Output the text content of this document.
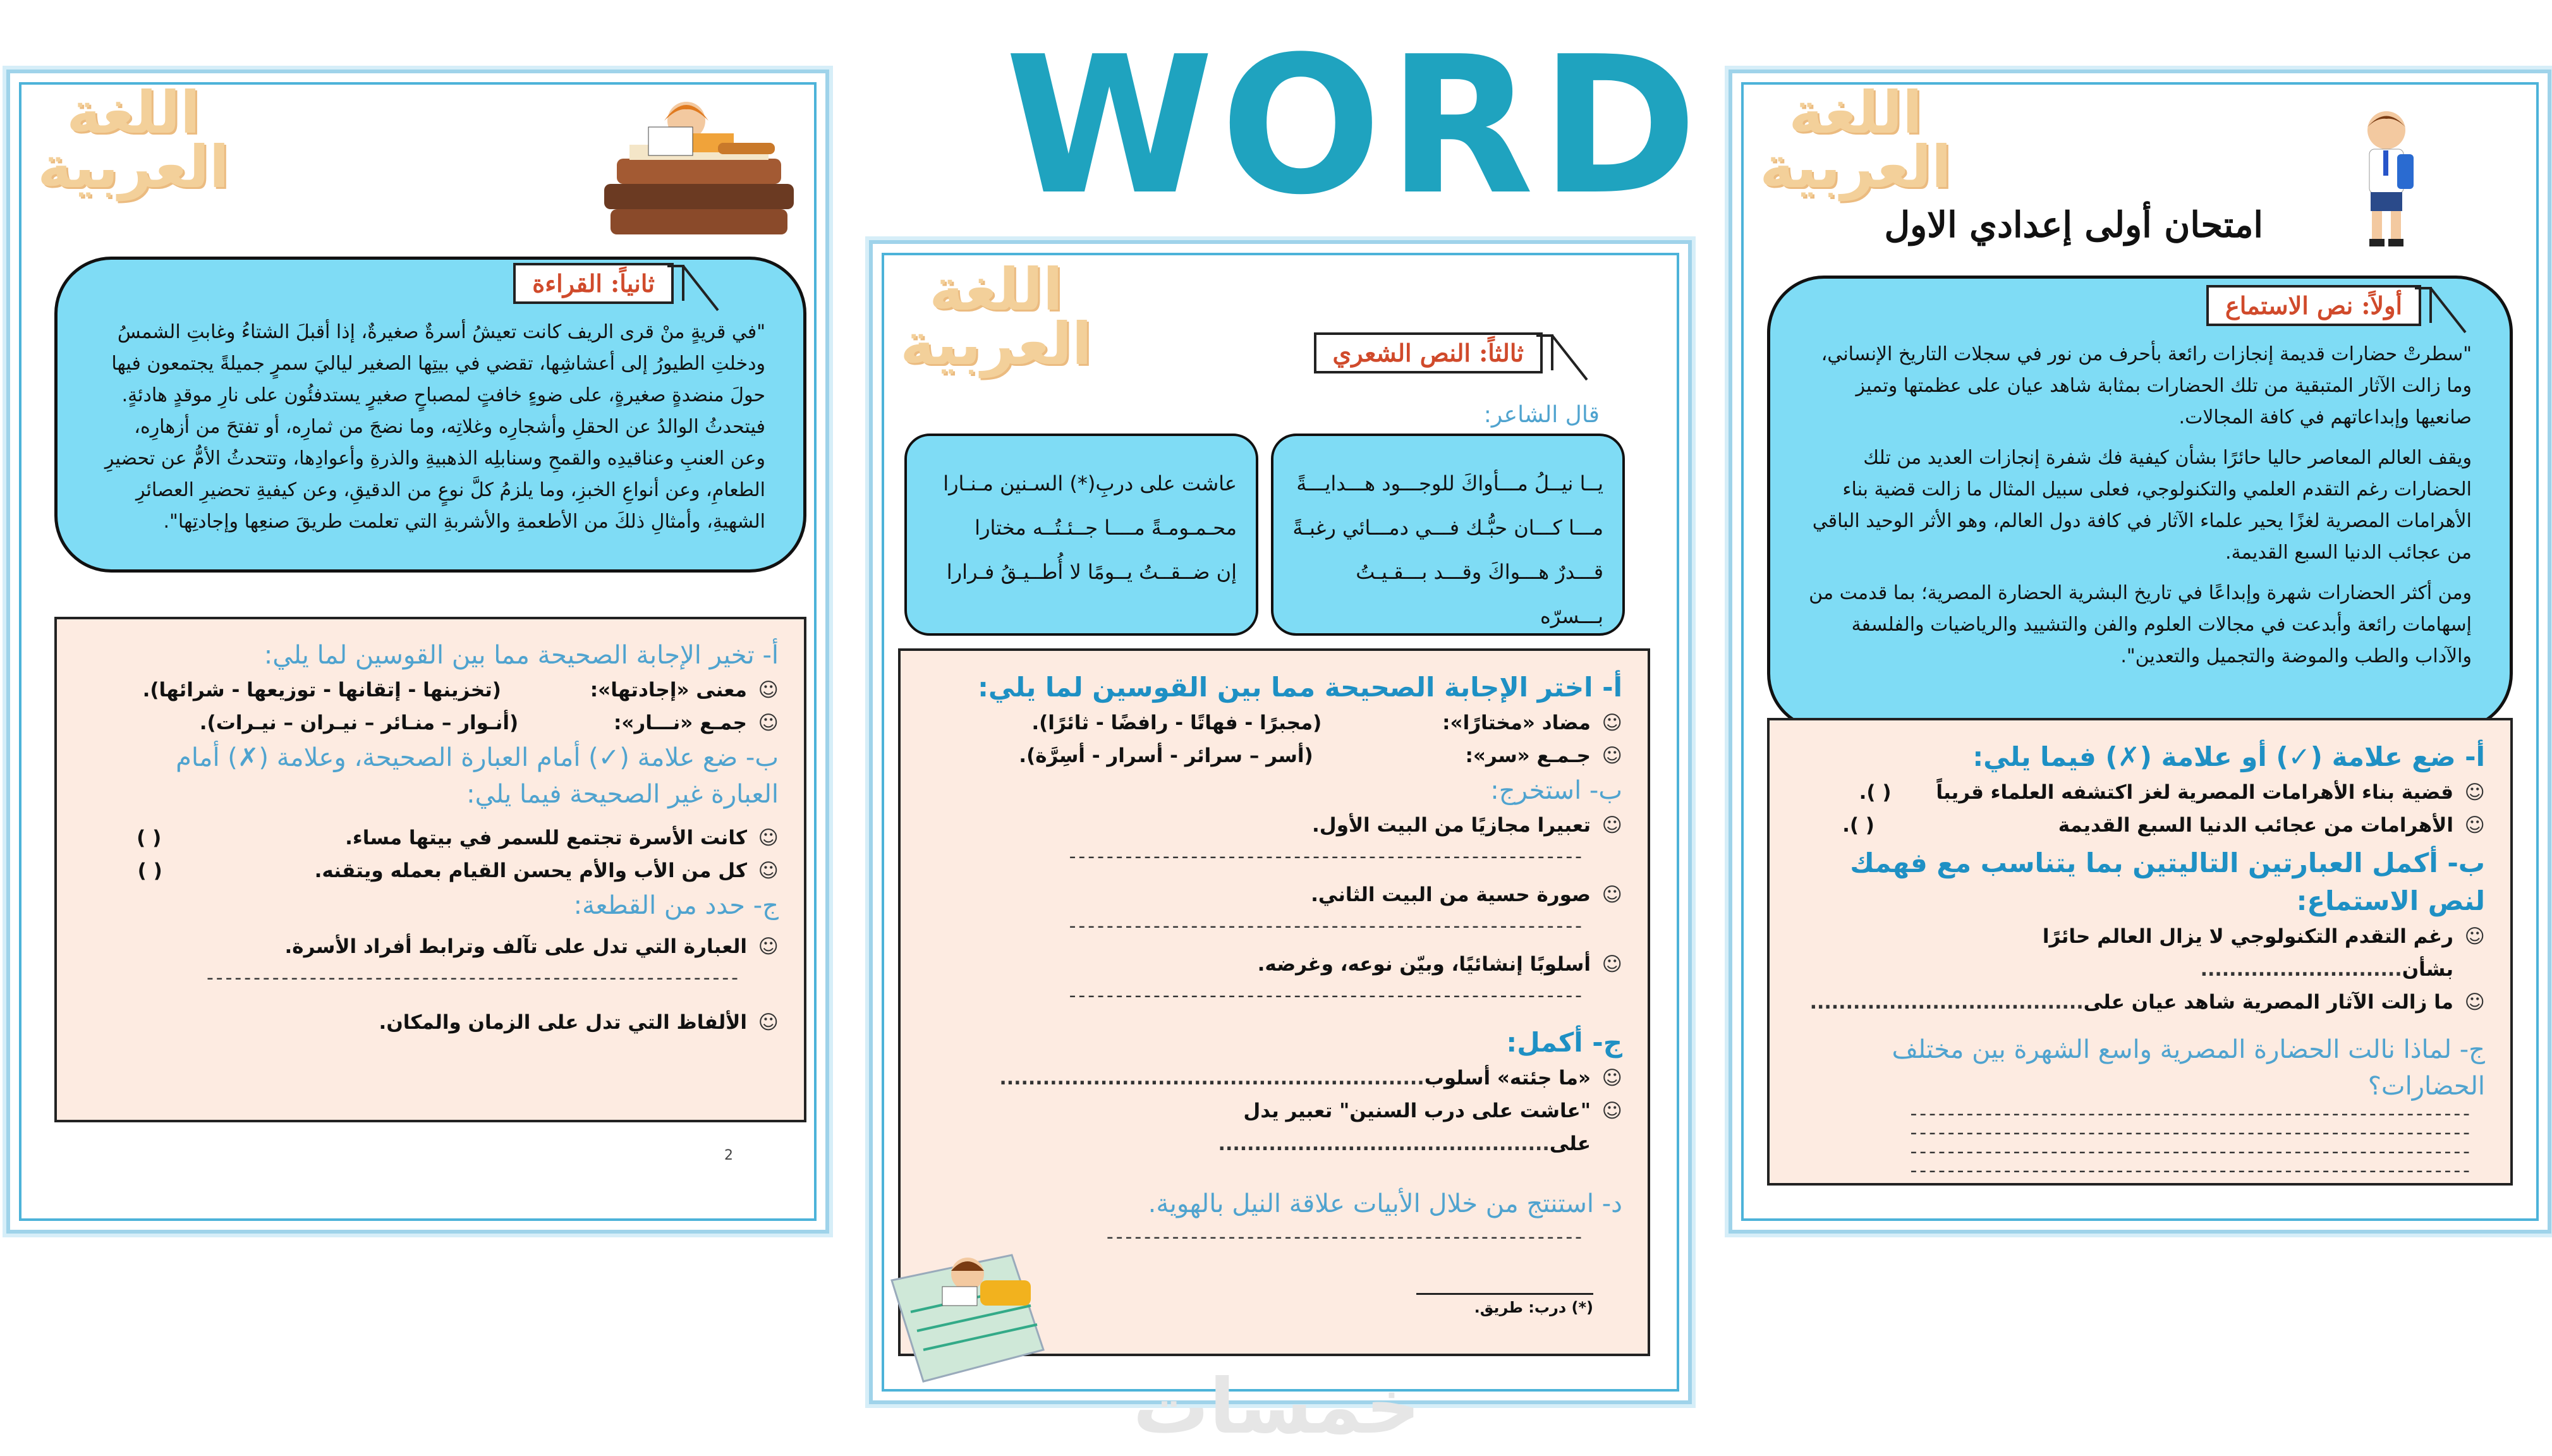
WORD	اللغة
العربية
امتحان أولى إعدادي الاول

"سطرتْ حضارات قديمة إنجازات رائعة بأحرف من نور في سجلات التاريخ الإنساني، وما زالت الآثار المتبقية من تلك الحضارات بمثابة شاهد عيان على عظمتها وتميز صانعيها وإبداعاتهم في كافة المجالات.

ويقف العالم المعاصر حاليا حائرًا بشأن كيفية فك شفرة إنجازات العديد من تلك الحضارات رغم التقدم العلمي والتكنولوجي، فعلى سبيل المثال ما زالت قضية بناء الأهرامات المصرية لغزًا يحير علماء الآثار في كافة دول العالم، وهو الأثر الوحيد الباقي من عجائب الدنيا السبع القديمة.

ومن أكثر الحضارات شهرة وإبداعًا في تاريخ البشرية الحضارة المصرية؛ بما قدمت من إسهامات رائعة وأبدعت في مجالات العلوم والفن والتشييد والرياضيات والفلسفة والآداب والطب والموضة والتجميل والتعدين".

أولاً: نص الاستماع
أ- ضع علامة (✓) أو علامة (✗) فيما يلي:
☺ قضية بناء الأهرامات المصرية لغز اكتشفه العلماء قريباً ( ).
☺ الأهرامات من عجائب الدنيا السبع القديمة ( ).
ب- أكمل العبارتين التاليتين بما يتناسب مع فهمك لنص الاستماع:
☺ رغم التقدم التكنولوجي لا يزال العالم حائرًا بشأن............................
☺ ما زالت الآثار المصرية شاهد عيان على......................................
ج- لماذا نالت الحضارة المصرية واسع الشهرة بين مختلف الحضارات؟
------------------------------------------------------------
------------------------------------------------------------
------------------------------------------------------------
------------------------------------------------------------
اللغة
العربية	ثالثاً: النص الشعري
قال الشاعر:
يــا نيــلُ مـــأواكَ للوجـــود هـــدايـــةً
مـــا كـــان حبُّـك فـــي دمـــائي رغبـةً
قـــدرٌ هـــواكَ وقـــد بـــقـيـتُ بـــسرّه
عاشت على دربِ(*) السـنين مـنـارا
محـمـومـةً مــــا جــئـتُــه مختارا
إن ضــقــتُ يــومًا لا أُطــيـقُ فـرارا
أ- اختر الإجابة الصحيحة مما بين القوسين لما يلي:
☺ مضاد «مختارًا»: (مجبرًا - فهاتًا - رافضًا - ثائرًا).
☺ جـمـع «سر»: (أسر – سرائر - أسرار - أسِرَّة).
ب- استخرج:
☺ تعبيرا مجازيًا من البيت الأول.
-------------------------------------------------------
☺ صورة حسية من البيت الثاني.
-------------------------------------------------------
☺ أسلوبًا إنشائيًا، وبيّن نوعه، وغرضه.
-------------------------------------------------------
ج- أكمل:
☺ «ما جئته» أسلوب...........................................................
☺ "عاشت على درب السنين" تعبير يدل على..............................................
د- استنتج من خلال الأبيات علاقة النيل بالهوية.
---------------------------------------------------
(*) درب: طريق.
اللغة
العربية

"في قريةٍ منْ قرى الريف كانت تعيشُ أسرةٌ صغيرةٌ، إذا أقبلَ الشتاءُ وغابتِ الشمسُ ودخلتِ الطيورُ إلى أعشاشِها، تقضي في بيتِها الصغير لياليَ سمرٍ جميلةً يجتمعون فيها حولَ منضدةٍ صغيرةٍ، على ضوءٍ خافتٍ لمصباحٍ صغيرٍ يستدفئُون على نارِ موقدٍ هادئةٍ. فيتحدثُ الوالدُ عن الحقلِ وأشجارِه وغلاتِه، وما نضجَ من ثمارِه، أو تفتحَ من أزهارِه، وعن العنبِ وعناقيدِه والقمحِ وسنابلِه الذهبيةِ والذرةِ وأعوادِها، وتتحدثُ الأمُّ عن تحضيرِ الطعامِ، وعن أنواعِ الخبزِ، وما يلزمُ كلَّ نوعٍ من الدقيقِ، وعن كيفيةِ تحضيرِ العصائرِ الشهيةِ، وأمثالِ ذلكَ من الأطعمةِ والأشربةِ التي تعلمت طريقَ صنعِها وإجادتِها".

ثانياً: القراءة
أ- تخير الإجابة الصحيحة مما بين القوسين لما يلي:
☺ معنى «إجادتها»: (تخزينها - إتقانها - توزيعها - شرائها).
☺ جمـع «نـــار»: (أنـوار – منـائر – نيـران – نيـرات).
ب- ضع علامة (✓) أمام العبارة الصحيحة، وعلامة (✗) أمام العبارة غير الصحيحة فيما يلي:
☺ كانت الأسرة تجتمع للسمر في بيتها مساء. ( )
☺ كل من الأب والأم يحسن القيام بعمله ويتقنه. ( )
ج- حدد من القطعة:
☺ العبارة التي تدل على تآلف وترابط أفراد الأسرة.
---------------------------------------------------------
☺ الألفاظ التي تدل على الزمان والمكان.
2
خمسات
